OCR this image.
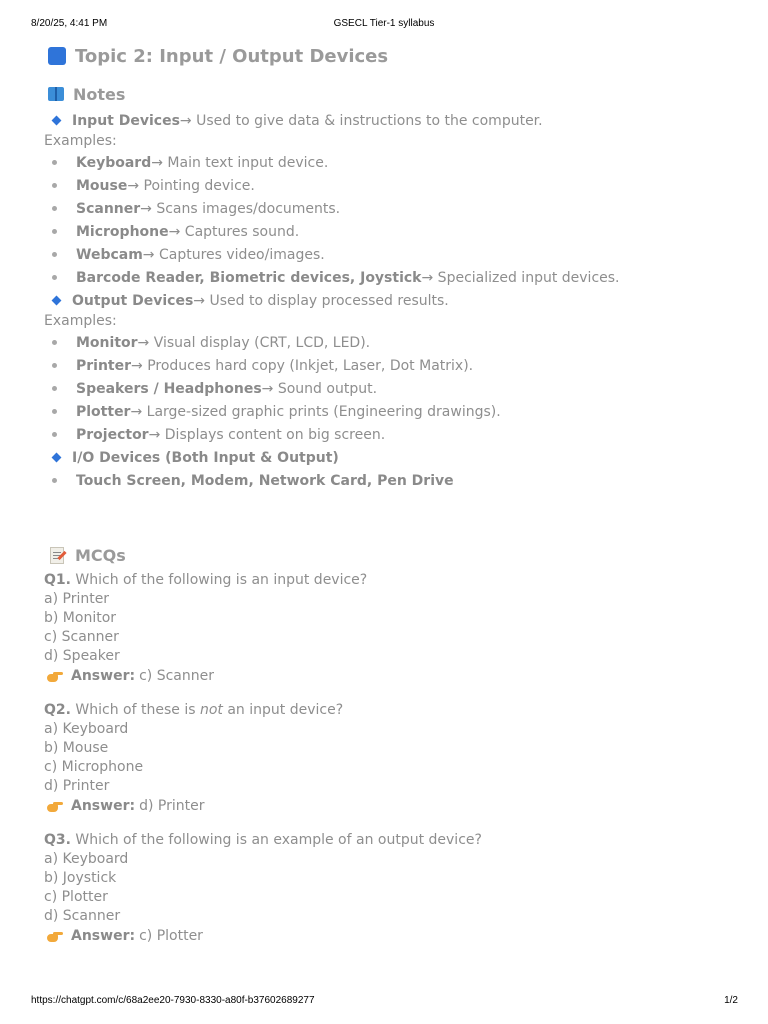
8/20/25, 4:41 PM	GSECL Tier-1 syllabus
Topic 2: Input / Output Devices
Notes
Input Devices → Used to give data & instructions to the computer.
Examples:
Keyboard → Main text input device.
Mouse → Pointing device.
Scanner → Scans images/documents.
Microphone → Captures sound.
Webcam → Captures video/images.
Barcode Reader, Biometric devices, Joystick → Specialized input devices.
Output Devices → Used to display processed results.
Examples:
Monitor → Visual display (CRT, LCD, LED).
Printer → Produces hard copy (Inkjet, Laser, Dot Matrix).
Speakers / Headphones → Sound output.
Plotter → Large-sized graphic prints (Engineering drawings).
Projector → Displays content on big screen.
I/O Devices (Both Input & Output)
Touch Screen, Modem, Network Card, Pen Drive
MCQs
Q1. Which of the following is an input device?
a) Printer
b) Monitor
c) Scanner
d) Speaker
Answer: c) Scanner
Q2. Which of these is not an input device?
a) Keyboard
b) Mouse
c) Microphone
d) Printer
Answer: d) Printer
Q3. Which of the following is an example of an output device?
a) Keyboard
b) Joystick
c) Plotter
d) Scanner
Answer: c) Plotter
https://chatgpt.com/c/68a2ee20-7930-8330-a80f-b37602689277	1/2
